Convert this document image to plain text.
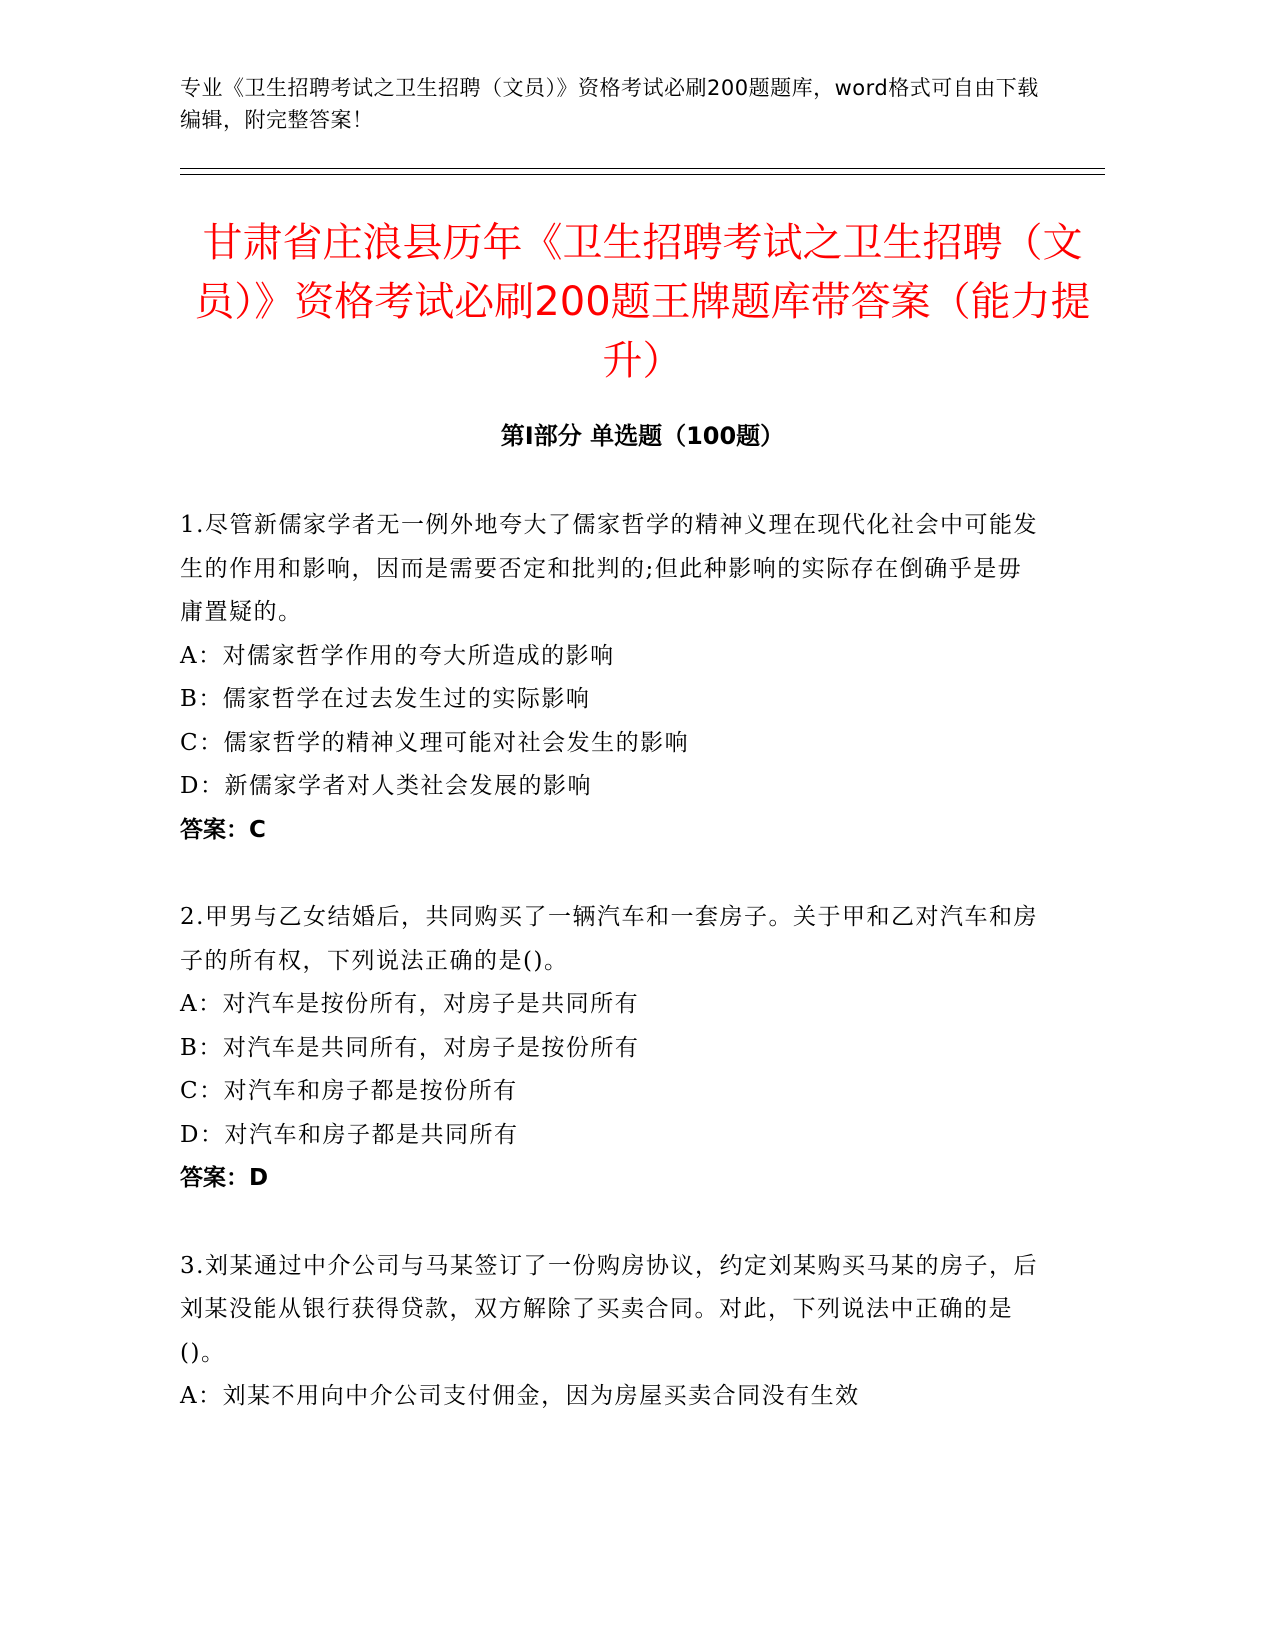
专业《卫生招聘考试之卫生招聘（文员）》资格考试必刷200题题库，word格式可自由下载编辑，附完整答案！
甘肃省庄浪县历年《卫生招聘考试之卫生招聘（文员）》资格考试必刷200题王牌题库带答案（能力提升）
第Ⅰ部分 单选题（100题）
1.尽管新儒家学者无一例外地夸大了儒家哲学的精神义理在现代化社会中可能发生的作用和影响，因而是需要否定和批判的;但此种影响的实际存在倒确乎是毋庸置疑的。
A：对儒家哲学作用的夸大所造成的影响
B：儒家哲学在过去发生过的实际影响
C：儒家哲学的精神义理可能对社会发生的影响
D：新儒家学者对人类社会发展的影响
答案：C
2.甲男与乙女结婚后，共同购买了一辆汽车和一套房子。关于甲和乙对汽车和房子的所有权，下列说法正确的是()。
A：对汽车是按份所有，对房子是共同所有
B：对汽车是共同所有，对房子是按份所有
C：对汽车和房子都是按份所有
D：对汽车和房子都是共同所有
答案：D
3.刘某通过中介公司与马某签订了一份购房协议，约定刘某购买马某的房子，后刘某没能从银行获得贷款，双方解除了买卖合同。对此，下列说法中正确的是()。
A：刘某不用向中介公司支付佣金，因为房屋买卖合同没有生效
